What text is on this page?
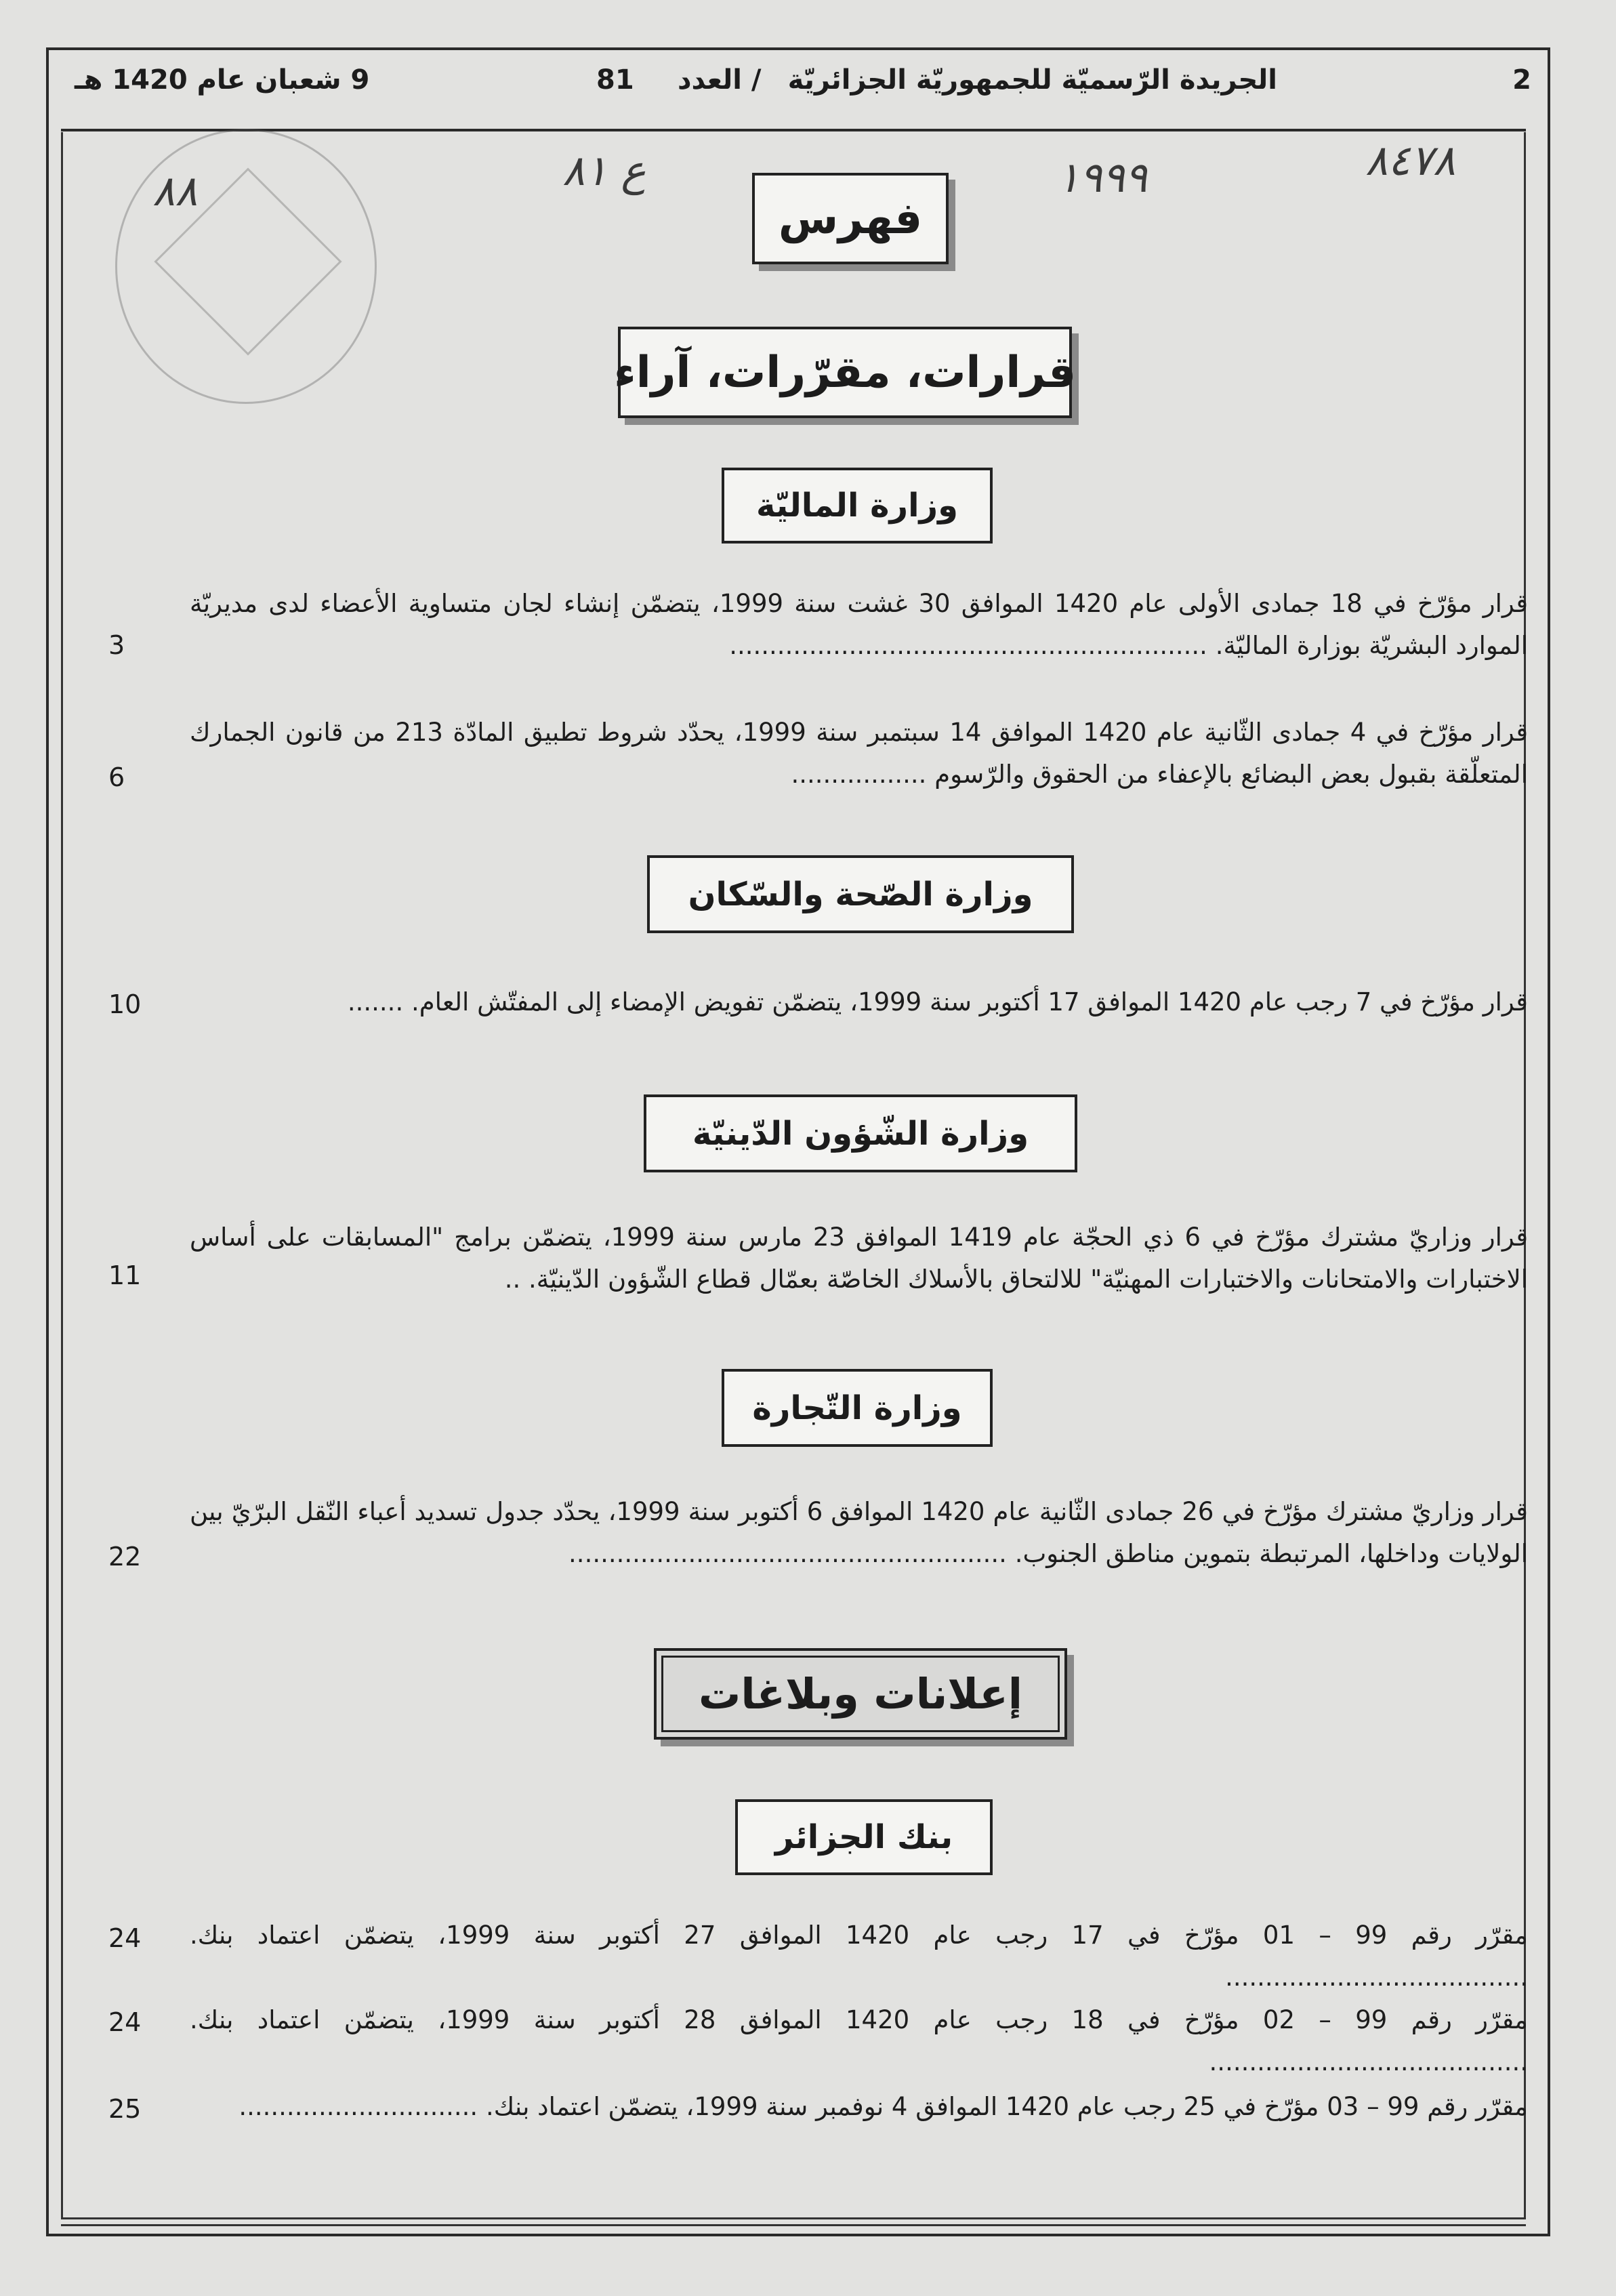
2
الجريدة الرّسميّة للجمهوريّة الجزائريّة
/ العدد
81
9 شعبان عام 1420 هـ
٨٨	ع ٨١	١٩٩٩	٨٤٧٨
فهرس
قرارات، مقرّرات، آراء
وزارة الماليّة
قرار مؤرّخ في 18 جمادى الأولى عام 1420 الموافق 30 غشت سنة 1999، يتضمّن إنشاء لجان متساوية الأعضاء لدى مديريّة الموارد البشريّة بوزارة الماليّة. ............................................................
3
قرار مؤرّخ في 4 جمادى الثّانية عام 1420 الموافق 14 سبتمبر سنة 1999، يحدّد شروط تطبيق المادّة 213 من قانون الجمارك المتعلّقة بقبول بعض البضائع بالإعفاء من الحقوق والرّسوم .................
6
وزارة الصّحة والسّكان
قرار مؤرّخ في 7 رجب عام 1420 الموافق 17 أكتوبر سنة 1999، يتضمّن تفويض الإمضاء إلى المفتّش العام. .......
10
وزارة الشّؤون الدّينيّة
قرار وزاريّ مشترك مؤرّخ في 6 ذي الحجّة عام 1419 الموافق 23 مارس سنة 1999، يتضمّن برامج "المسابقات على أساس الاختبارات والامتحانات والاختبارات المهنيّة" للالتحاق بالأسلاك الخاصّة بعمّال قطاع الشّؤون الدّينيّة. ..
11
وزارة التّجارة
قرار وزاريّ مشترك مؤرّخ في 26 جمادى الثّانية عام 1420 الموافق 6 أكتوبر سنة 1999، يحدّد جدول تسديد أعباء النّقل البرّيّ بين الولايات وداخلها، المرتبطة بتموين مناطق الجنوب. .......................................................
22
إعلانات وبلاغات
بنك الجزائر
مقرّر رقم 99 – 01 مؤرّخ في 17 رجب عام 1420 الموافق 27 أكتوبر سنة 1999، يتضمّن اعتماد بنك. ......................................
24
مقرّر رقم 99 – 02 مؤرّخ في 18 رجب عام 1420 الموافق 28 أكتوبر سنة 1999، يتضمّن اعتماد بنك. ........................................
24
مقرّر رقم 99 – 03 مؤرّخ في 25 رجب عام 1420 الموافق 4 نوفمبر سنة 1999، يتضمّن اعتماد بنك. ..............................
25
